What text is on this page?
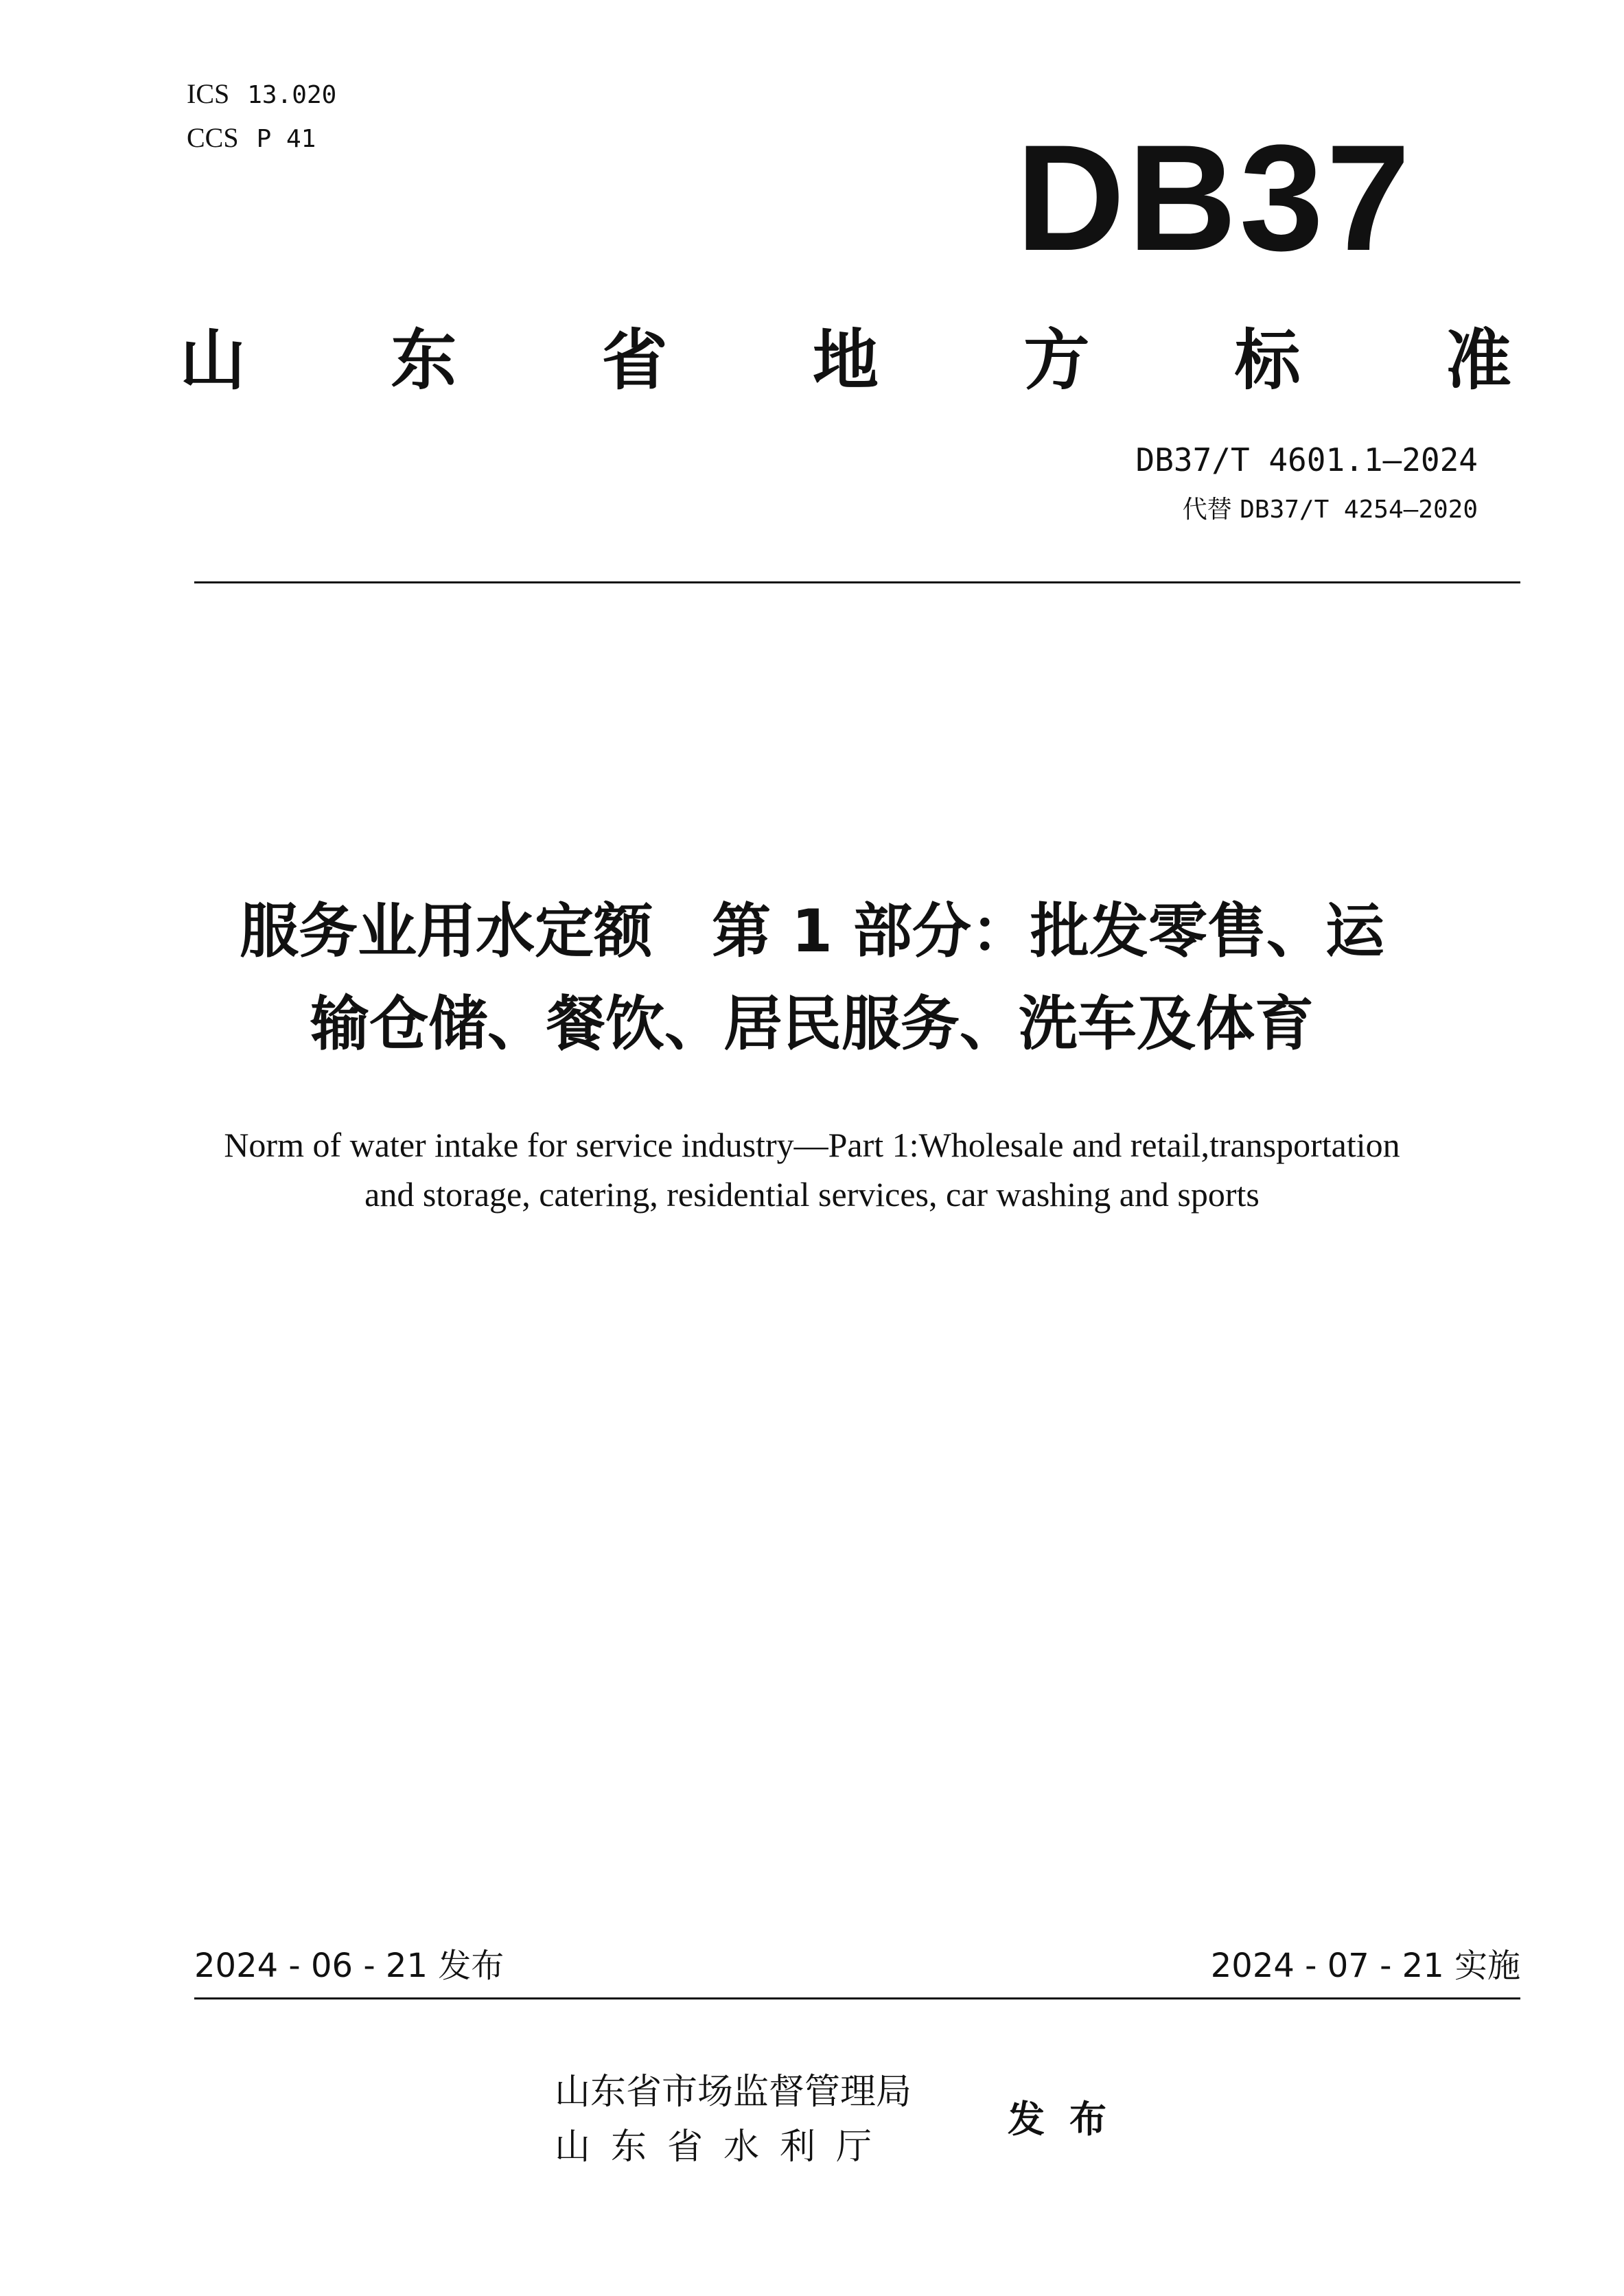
ICS 13.020
CCS P 41	DB37
山 东 省 地 方 标 准
DB37/T 4601.1—2024
代替 DB37/T 4254—2020
服务业用水定额　第 1 部分：批发零售、运
输仓储、餐饮、居民服务、洗车及体育
Norm of water intake for service industry—Part 1:Wholesale and retail,transportation
and storage, catering, residential services, car washing and sports
2024 - 06 - 21 发布	2024 - 07 - 21 实施
山东省市场监督管理局
山东省水利厅
发布
